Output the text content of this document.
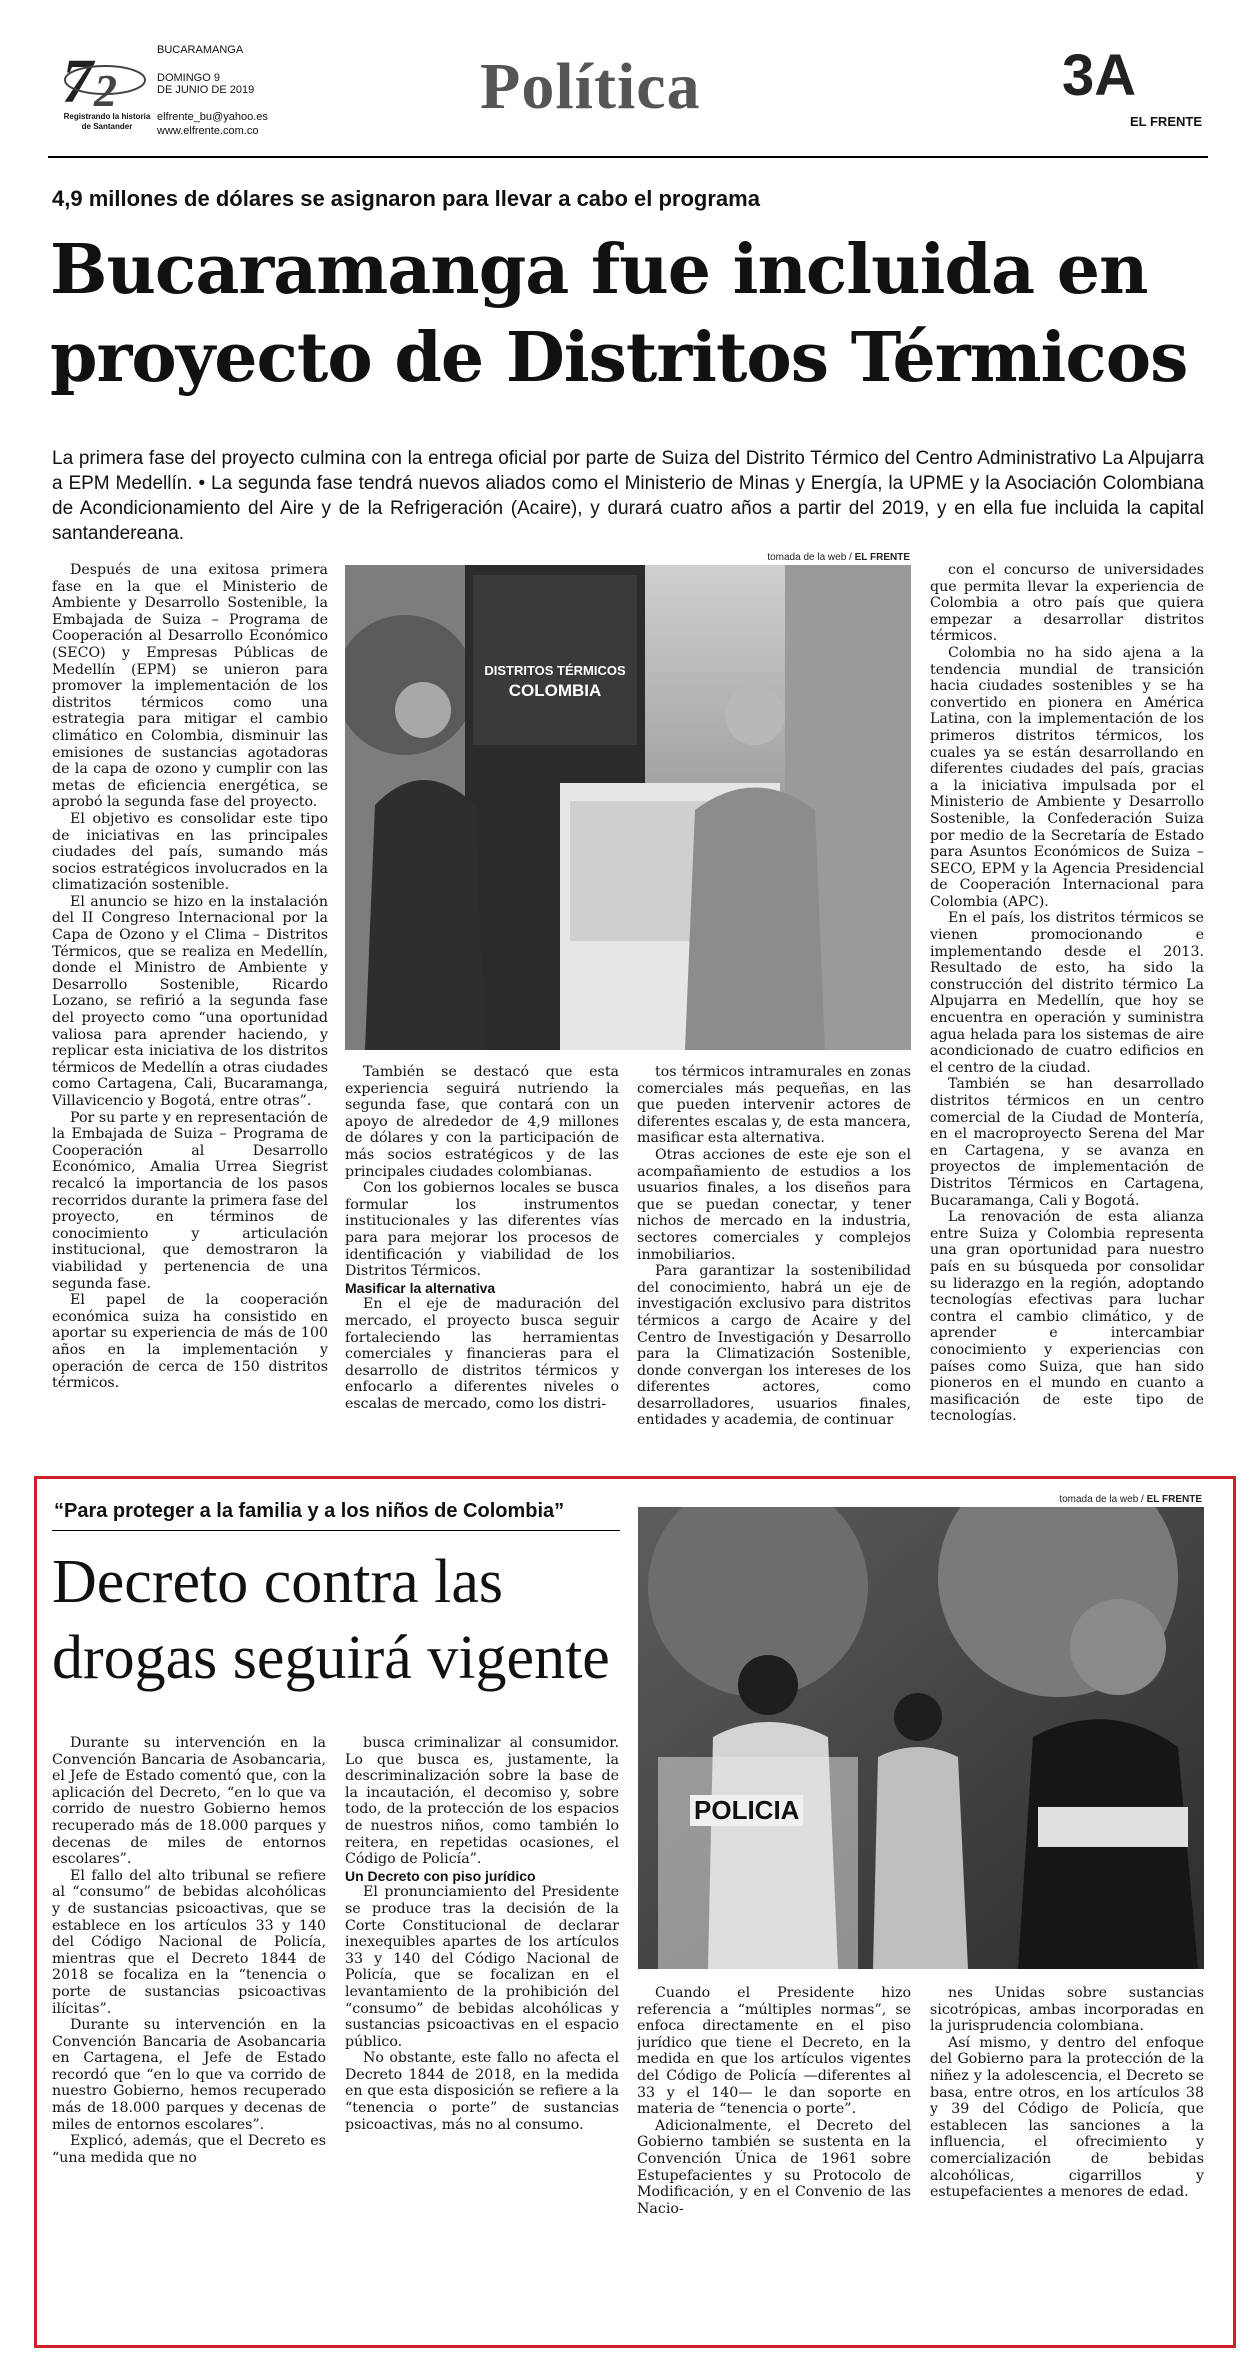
7 2
Registrando la historia
de Santander
BUCARAMANGA
DOMINGO 9
DE JUNIO DE 2019
elfrente_bu@yahoo.es
www.elfrente.com.co
Política	3A
EL FRENTE
4,9 millones de dólares se asignaron para llevar a cabo el programa
Bucaramanga fue incluida en
proyecto de Distritos Térmicos
La primera fase del proyecto culmina con la entrega oficial por parte de Suiza del Distrito Térmico del Centro Administrativo La Alpujarra a EPM Medellín. • La segunda fase tendrá nuevos aliados como el Ministerio de Minas y Energía, la UPME y la Asociación Colombiana de Acondicionamiento del Aire y de la Refrigeración (Acaire), y durará cuatro años a partir del 2019, y en ella fue incluida la capital santandereana.
tomada de la web / EL FRENTE
DISTRITOS TÉRMICOS
COLOMBIA

Después de una exitosa primera fase en la que el Ministerio de Ambiente y Desarrollo Sostenible, la Embajada de Suiza – Programa de Cooperación al Desarrollo Económico (SECO) y Empresas Públicas de Medellín (EPM) se unieron para promover la implementación de los distritos térmicos como una estrategia para mitigar el cambio climático en Colombia, disminuir las emisiones de sustancias agotadoras de la capa de ozono y cumplir con las metas de eficiencia energética, se aprobó la segunda fase del proyecto.

El objetivo es consolidar este tipo de iniciativas en las principales ciudades del país, sumando más socios estratégicos involucrados en la climatización sostenible.

El anuncio se hizo en la instalación del II Congreso Internacional por la Capa de Ozono y el Clima – Distritos Térmicos, que se realiza en Medellín, donde el Ministro de Ambiente y Desarrollo Sostenible, Ricardo Lozano, se refirió a la segunda fase del proyecto como “una oportunidad valiosa para aprender haciendo, y replicar esta iniciativa de los distritos térmicos de Medellín a otras ciudades como Cartagena, Cali, Bucaramanga, Villavicencio y Bogotá, entre otras”.

Por su parte y en representación de la Embajada de Suiza – Programa de Cooperación al Desarrollo Económico, Amalia Urrea Siegrist recalcó la importancia de los pasos recorridos durante la primera fase del proyecto, en términos de conocimiento y articulación institucional, que demostraron la viabilidad y pertenencia de una segunda fase.

El papel de la cooperación económica suiza ha consistido en aportar su experiencia de más de 100 años en la implementación y operación de cerca de 150 distritos térmicos.

También se destacó que esta experiencia seguirá nutriendo la segunda fase, que contará con un apoyo de alrededor de 4,9 millones de dólares y con la participación de más socios estratégicos y de las principales ciudades colombianas.

Con los gobiernos locales se busca formular los instrumentos institucionales y las diferentes vías para para mejorar los procesos de identificación y viabilidad de los Distritos Térmicos.

Masificar la alternativa

En el eje de maduración del mercado, el proyecto busca seguir fortaleciendo las herramientas comerciales y financieras para el desarrollo de distritos térmicos y enfocarlo a diferentes niveles o escalas de mercado, como los distri-

tos térmicos intramurales en zonas comerciales más pequeñas, en las que pueden intervenir actores de diferentes escalas y, de esta mancera, masificar esta alternativa.

Otras acciones de este eje son el acompañamiento de estudios a los usuarios finales, a los diseños para que se puedan conectar, y tener nichos de mercado en la industria, sectores comerciales y complejos inmobiliarios.

Para garantizar la sostenibilidad del conocimiento, habrá un eje de investigación exclusivo para distritos térmicos a cargo de Acaire y del Centro de Investigación y Desarrollo para la Climatización Sostenible, donde convergan los intereses de los diferentes actores, como desarrolladores, usuarios finales, entidades y academia, de continuar

con el concurso de universidades que permita llevar la experiencia de Colombia a otro país que quiera empezar a desarrollar distritos térmicos.

Colombia no ha sido ajena a la tendencia mundial de transición hacia ciudades sostenibles y se ha convertido en pionera en América Latina, con la implementación de los primeros distritos térmicos, los cuales ya se están desarrollando en diferentes ciudades del país, gracias a la iniciativa impulsada por el Ministerio de Ambiente y Desarrollo Sostenible, la Confederación Suiza por medio de la Secretaría de Estado para Asuntos Económicos de Suiza – SECO, EPM y la Agencia Presidencial de Cooperación Internacional para Colombia (APC).

En el país, los distritos térmicos se vienen promocionando e implementando desde el 2013. Resultado de esto, ha sido la construcción del distrito térmico La Alpujarra en Medellín, que hoy se encuentra en operación y suministra agua helada para los sistemas de aire acondicionado de cuatro edificios en el centro de la ciudad.

También se han desarrollado distritos térmicos en un centro comercial de la Ciudad de Montería, en el macroproyecto Serena del Mar en Cartagena, y se avanza en proyectos de implementación de Distritos Térmicos en Cartagena, Bucaramanga, Cali y Bogotá.

La renovación de esta alianza entre Suiza y Colombia representa una gran oportunidad para nuestro país en su búsqueda por consolidar su liderazgo en la región, adoptando tecnologías efectivas para luchar contra el cambio climático, y de aprender e intercambiar conocimiento y experiencias con países como Suiza, que han sido pioneros en el mundo en cuanto a masificación de este tipo de tecnologías.

“Para proteger a la familia y a los niños de Colombia”
Decreto contra las
drogas seguirá vigente
tomada de la web / EL FRENTE
POLICIA

Durante su intervención en la Convención Bancaria de Asobancaria, el Jefe de Estado comentó que, con la aplicación del Decreto, “en lo que va corrido de nuestro Gobierno hemos recuperado más de 18.000 parques y decenas de miles de entornos escolares”.

El fallo del alto tribunal se refiere al “consumo” de bebidas alcohólicas y de sustancias psicoactivas, que se establece en los artículos 33 y 140 del Código Nacional de Policía, mientras que el Decreto 1844 de 2018 se focaliza en la “tenencia o porte de sustancias psicoactivas ilícitas”.

Durante su intervención en la Convención Bancaria de Asobancaria en Cartagena, el Jefe de Estado recordó que “en lo que va corrido de nuestro Gobierno, hemos recuperado más de 18.000 parques y decenas de miles de entornos escolares”.

Explicó, además, que el Decreto es “una medida que no

busca criminalizar al consumidor. Lo que busca es, justamente, la descriminalización sobre la base de la incautación, el decomiso y, sobre todo, de la protección de los espacios de nuestros niños, como también lo reitera, en repetidas ocasiones, el Código de Policía”.

Un Decreto con piso jurídico

El pronunciamiento del Presidente se produce tras la decisión de la Corte Constitucional de declarar inexequibles apartes de los artículos 33 y 140 del Código Nacional de Policía, que se focalizan en el levantamiento de la prohibición del “consumo” de bebidas alcohólicas y sustancias psicoactivas en el espacio público.

No obstante, este fallo no afecta el Decreto 1844 de 2018, en la medida en que esta disposición se refiere a la “tenencia o porte” de sustancias psicoactivas, más no al consumo.

Cuando el Presidente hizo referencia a “múltiples normas”, se enfoca directamente en el piso jurídico que tiene el Decreto, en la medida en que los artículos vigentes del Código de Policía —diferentes al 33 y el 140— le dan soporte en materia de “tenencia o porte”.

Adicionalmente, el Decreto del Gobierno también se sustenta en la Convención Única de 1961 sobre Estupefacientes y su Protocolo de Modificación, y en el Convenio de las Nacio-

nes Unidas sobre sustancias sicotrópicas, ambas incorporadas en la jurisprudencia colombiana.

Así mismo, y dentro del enfoque del Gobierno para la protección de la niñez y la adolescencia, el Decreto se basa, entre otros, en los artículos 38 y 39 del Código de Policía, que establecen las sanciones a la influencia, el ofrecimiento y comercialización de bebidas alcohólicas, cigarrillos y estupefacientes a menores de edad.
